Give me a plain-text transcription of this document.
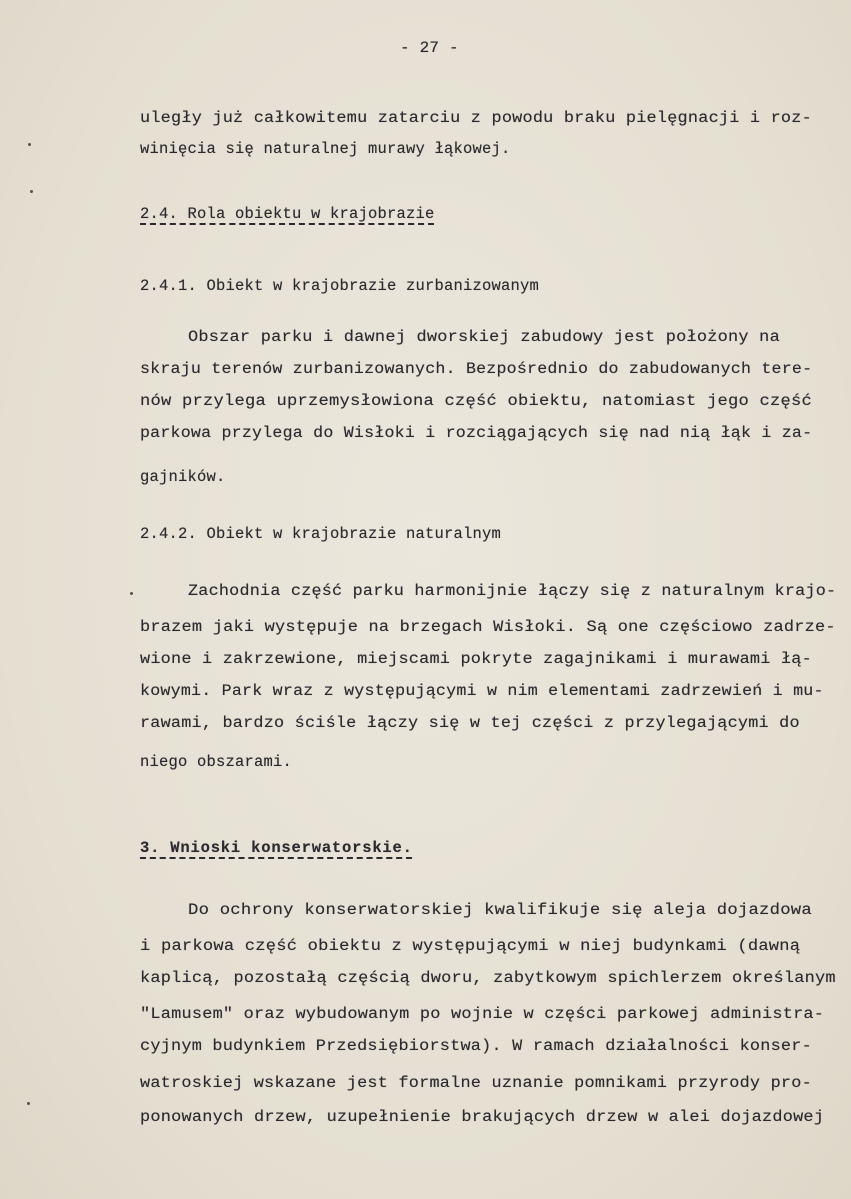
- 27 -
uległy już całkowitemu zatarciu z powodu braku pielęgnacji i roz-
winięcia się naturalnej murawy łąkowej.
2.4. Rola obiektu w krajobrazie
2.4.1. Obiekt w krajobrazie zurbanizowanym
Obszar parku i dawnej dworskiej zabudowy jest położony na
skraju terenów zurbanizowanych. Bezpośrednio do zabudowanych tere-
nów przylega uprzemysłowiona część obiektu, natomiast jego część
parkowa przylega do Wisłoki i rozciągających się nad nią łąk i za-
gajników.
2.4.2. Obiekt w krajobrazie naturalnym
Zachodnia część parku harmonijnie łączy się z naturalnym krajo-
brazem jaki występuje na brzegach Wisłoki. Są one częściowo zadrze-
wione i zakrzewione, miejscami pokryte zagajnikami i murawami łą-
kowymi. Park wraz z występującymi w nim elementami zadrzewień i mu-
rawami, bardzo ściśle łączy się w tej części z przylegającymi do
niego obszarami.
3. Wnioski konserwatorskie.
Do ochrony konserwatorskiej kwalifikuje się aleja dojazdowa
i parkowa część obiektu z występującymi w niej budynkami (dawną
kaplicą, pozostałą częścią dworu, zabytkowym spichlerzem określanym
"Lamusem" oraz wybudowanym po wojnie w części parkowej administra-
cyjnym budynkiem Przedsiębiorstwa). W ramach działalności konser-
watroskiej wskazane jest formalne uznanie pomnikami przyrody pro-
ponowanych drzew, uzupełnienie brakujących drzew w alei dojazdowej
